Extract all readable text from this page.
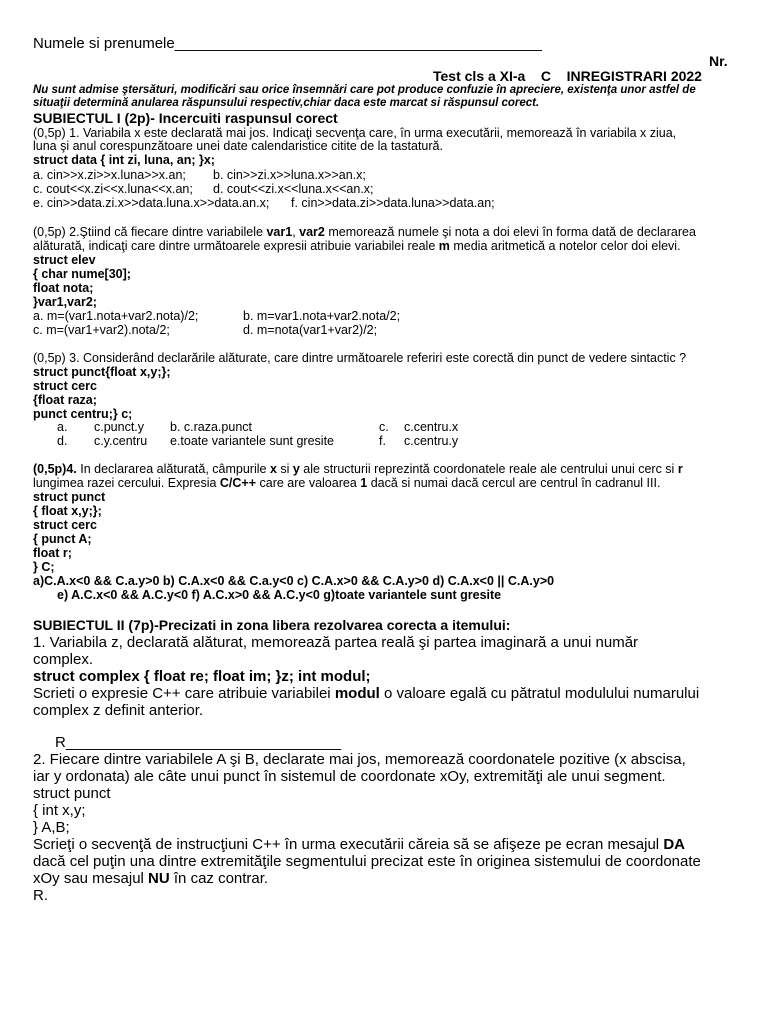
Numele si prenumele____________________________________________
Nr.
Test cls a XI-a C INREGISTRARI 2022
Nu sunt admise ştersături, modificări sau orice însemnări care pot produce confuzie în apreciere, existenţa unor astfel de
situaţii determină anularea răspunsului respectiv,chiar daca este marcat si răspunsul corect.
SUBIECTUL I (2p)- Incercuiti raspunsul corect
(0,5p) 1. Variabila x este declarată mai jos. Indicaţi secvenţa care, în urma executării, memorează în variabila x ziua,
luna şi anul corespunzătoare unei date calendaristice citite de la tastatură.
struct data { int zi, luna, an; }x;
a. cin>>x.zi>>x.luna>>x.an; b. cin>>zi.x>>luna.x>>an.x;
c. cout<<x.zi<<x.luna<<x.an; d. cout<<zi.x<<luna.x<<an.x;
e. cin>>data.zi.x>>data.luna.x>>data.an.x; f. cin>>data.zi>>data.luna>>data.an;
(0,5p) 2.Ştiind că fiecare dintre variabilele var1, var2 memorează numele şi nota a doi elevi în forma dată de declararea
alăturată, indicaţi care dintre următoarele expresii atribuie variabilei reale m media aritmetică a notelor celor doi elevi.
struct elev
{ char nume[30];
float nota;
}var1,var2;
a. m=(var1.nota+var2.nota)/2;	b. m=var1.nota+var2.nota/2;
c. m=(var1+var2).nota/2;	d. m=nota(var1+var2)/2;
(0,5p) 3. Considerând declarările alăturate, care dintre următoarele referiri este corectă din punct de vedere sintactic ?
struct punct{float x,y;};
struct cerc
{float raza;
punct centru;} c;
a. c.punct.y b. c.raza.punct	c. c.centru.x
d. c.y.centru e.toate variantele sunt gresite	f. c.centru.y
(0,5p)4. In declararea alăturată, câmpurile x si y ale structurii reprezintă coordonatele reale ale centrului unui cerc si r
lungimea razei cercului. Expresia C/C++ care are valoarea 1 dacă si numai dacă cercul are centrul în cadranul III.
struct punct
{ float x,y;};
struct cerc
{ punct A;
float r;
} C;
a)C.A.x<0 && C.a.y>0 b) C.A.x<0 && C.a.y<0 c) C.A.x>0 && C.A.y>0 d) C.A.x<0 || C.A.y>0
e) A.C.x<0 && A.C.y<0 f) A.C.x>0 && A.C.y<0 g)toate variantele sunt gresite
SUBIECTUL II (7p)-Precizati in zona libera rezolvarea corecta a itemului:
1. Variabila z, declarată alăturat, memorează partea reală şi partea imaginară a unui număr
complex.
struct complex { float re; float im; }z; int modul;
Scrieti o expresie C++ care atribuie variabilei modul o valoare egală cu pătratul modulului numarului
complex z definit anterior.
R_________________________________
2. Fiecare dintre variabilele A şi B, declarate mai jos, memorează coordonatele pozitive (x abscisa,
iar y ordonata) ale câte unui punct în sistemul de coordonate xOy, extremităţi ale unui segment.
struct punct
{ int x,y;
} A,B;
Scrieţi o secvenţă de instrucţiuni C++ în urma executării căreia să se afişeze pe ecran mesajul DA
dacă cel puţin una dintre extremităţile segmentului precizat este în originea sistemului de coordonate
xOy sau mesajul NU în caz contrar.
R.
